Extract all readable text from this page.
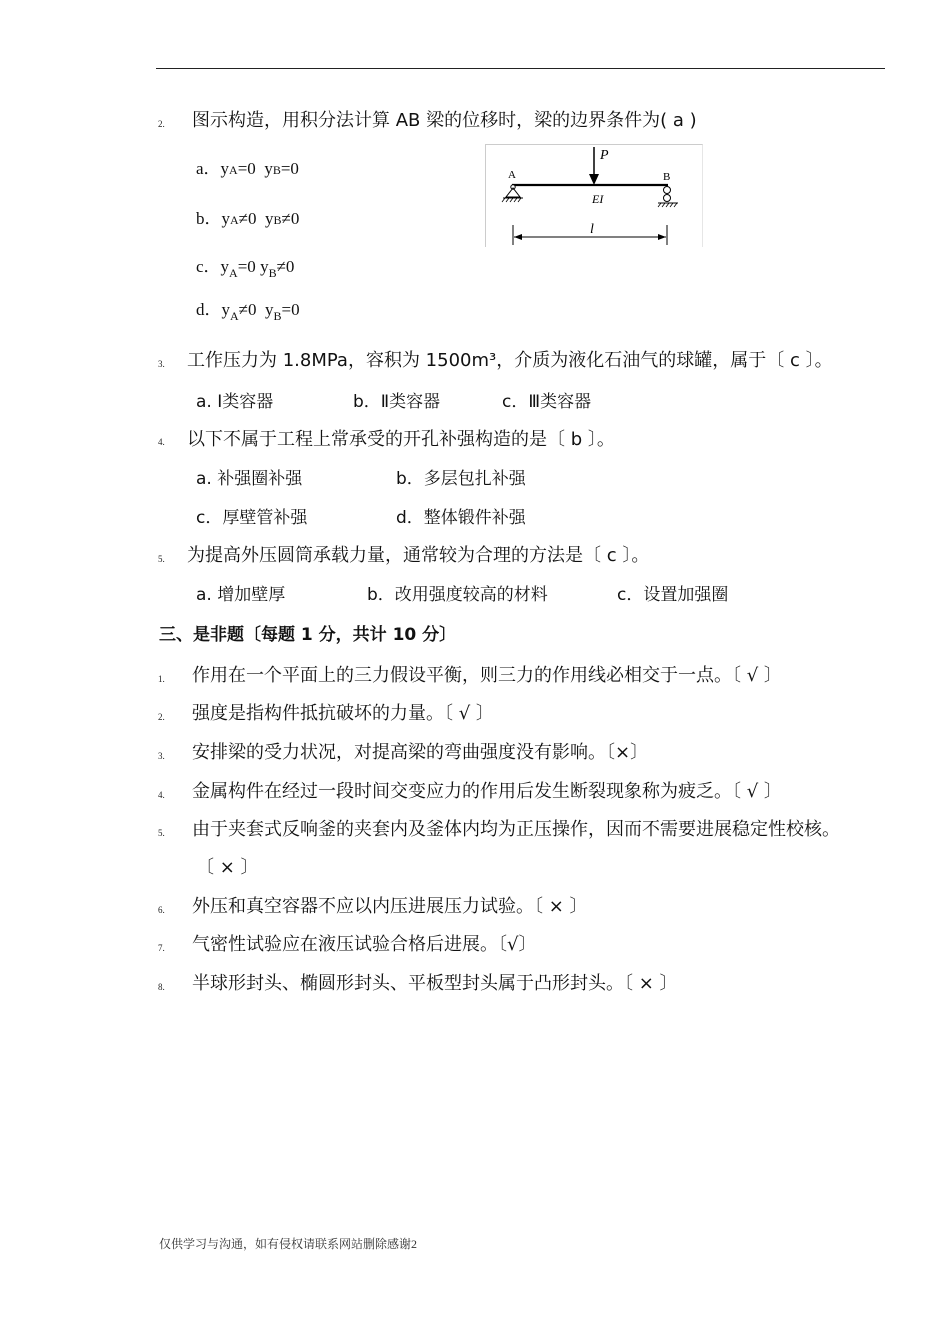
2. 图示构造，用积分法计算 AB 梁的位移时，梁的边界条件为( a )
a．yA=0 yB=0
b．yA≠0 yB≠0
c．$y_A=0$ $y_B\ne 0$
d．$y_A\ne 0$ $y_B=0$
P
A	B
EI
l
3. 工作压力为 1.8MPa，容积为 1500m³，介质为液化石油气的球罐，属于〔 c 〕。
a. Ⅰ类容器	b．Ⅱ类容器	c．Ⅲ类容器
4. 以下不属于工程上常承受的开孔补强构造的是〔 b 〕。
a. 补强圈补强	b．多层包扎补强
c．厚壁管补强	d．整体锻件补强
5. 为提高外压圆筒承载力量，通常较为合理的方法是〔 c 〕。
a. 增加壁厚	b．改用强度较高的材料	c．设置加强圈
三、是非题〔每题 1 分，共计 10 分〕
1. 作用在一个平面上的三力假设平衡，则三力的作用线必相交于一点。〔 √ 〕
2. 强度是指构件抵抗破坏的力量。〔 √ 〕
3. 安排梁的受力状况，对提高梁的弯曲强度没有影响。〔×〕
4. 金属构件在经过一段时间交变应力的作用后发生断裂现象称为疲乏。〔 √ 〕
5. 由于夹套式反响釜的夹套内及釜体内均为正压操作，因而不需要进展稳定性校核。
〔 × 〕
6. 外压和真空容器不应以内压进展压力试验。〔 × 〕
7. 气密性试验应在液压试验合格后进展。〔√〕
8. 半球形封头、椭圆形封头、平板型封头属于凸形封头。〔 × 〕
仅供学习与沟通，如有侵权请联系网站删除感谢2
